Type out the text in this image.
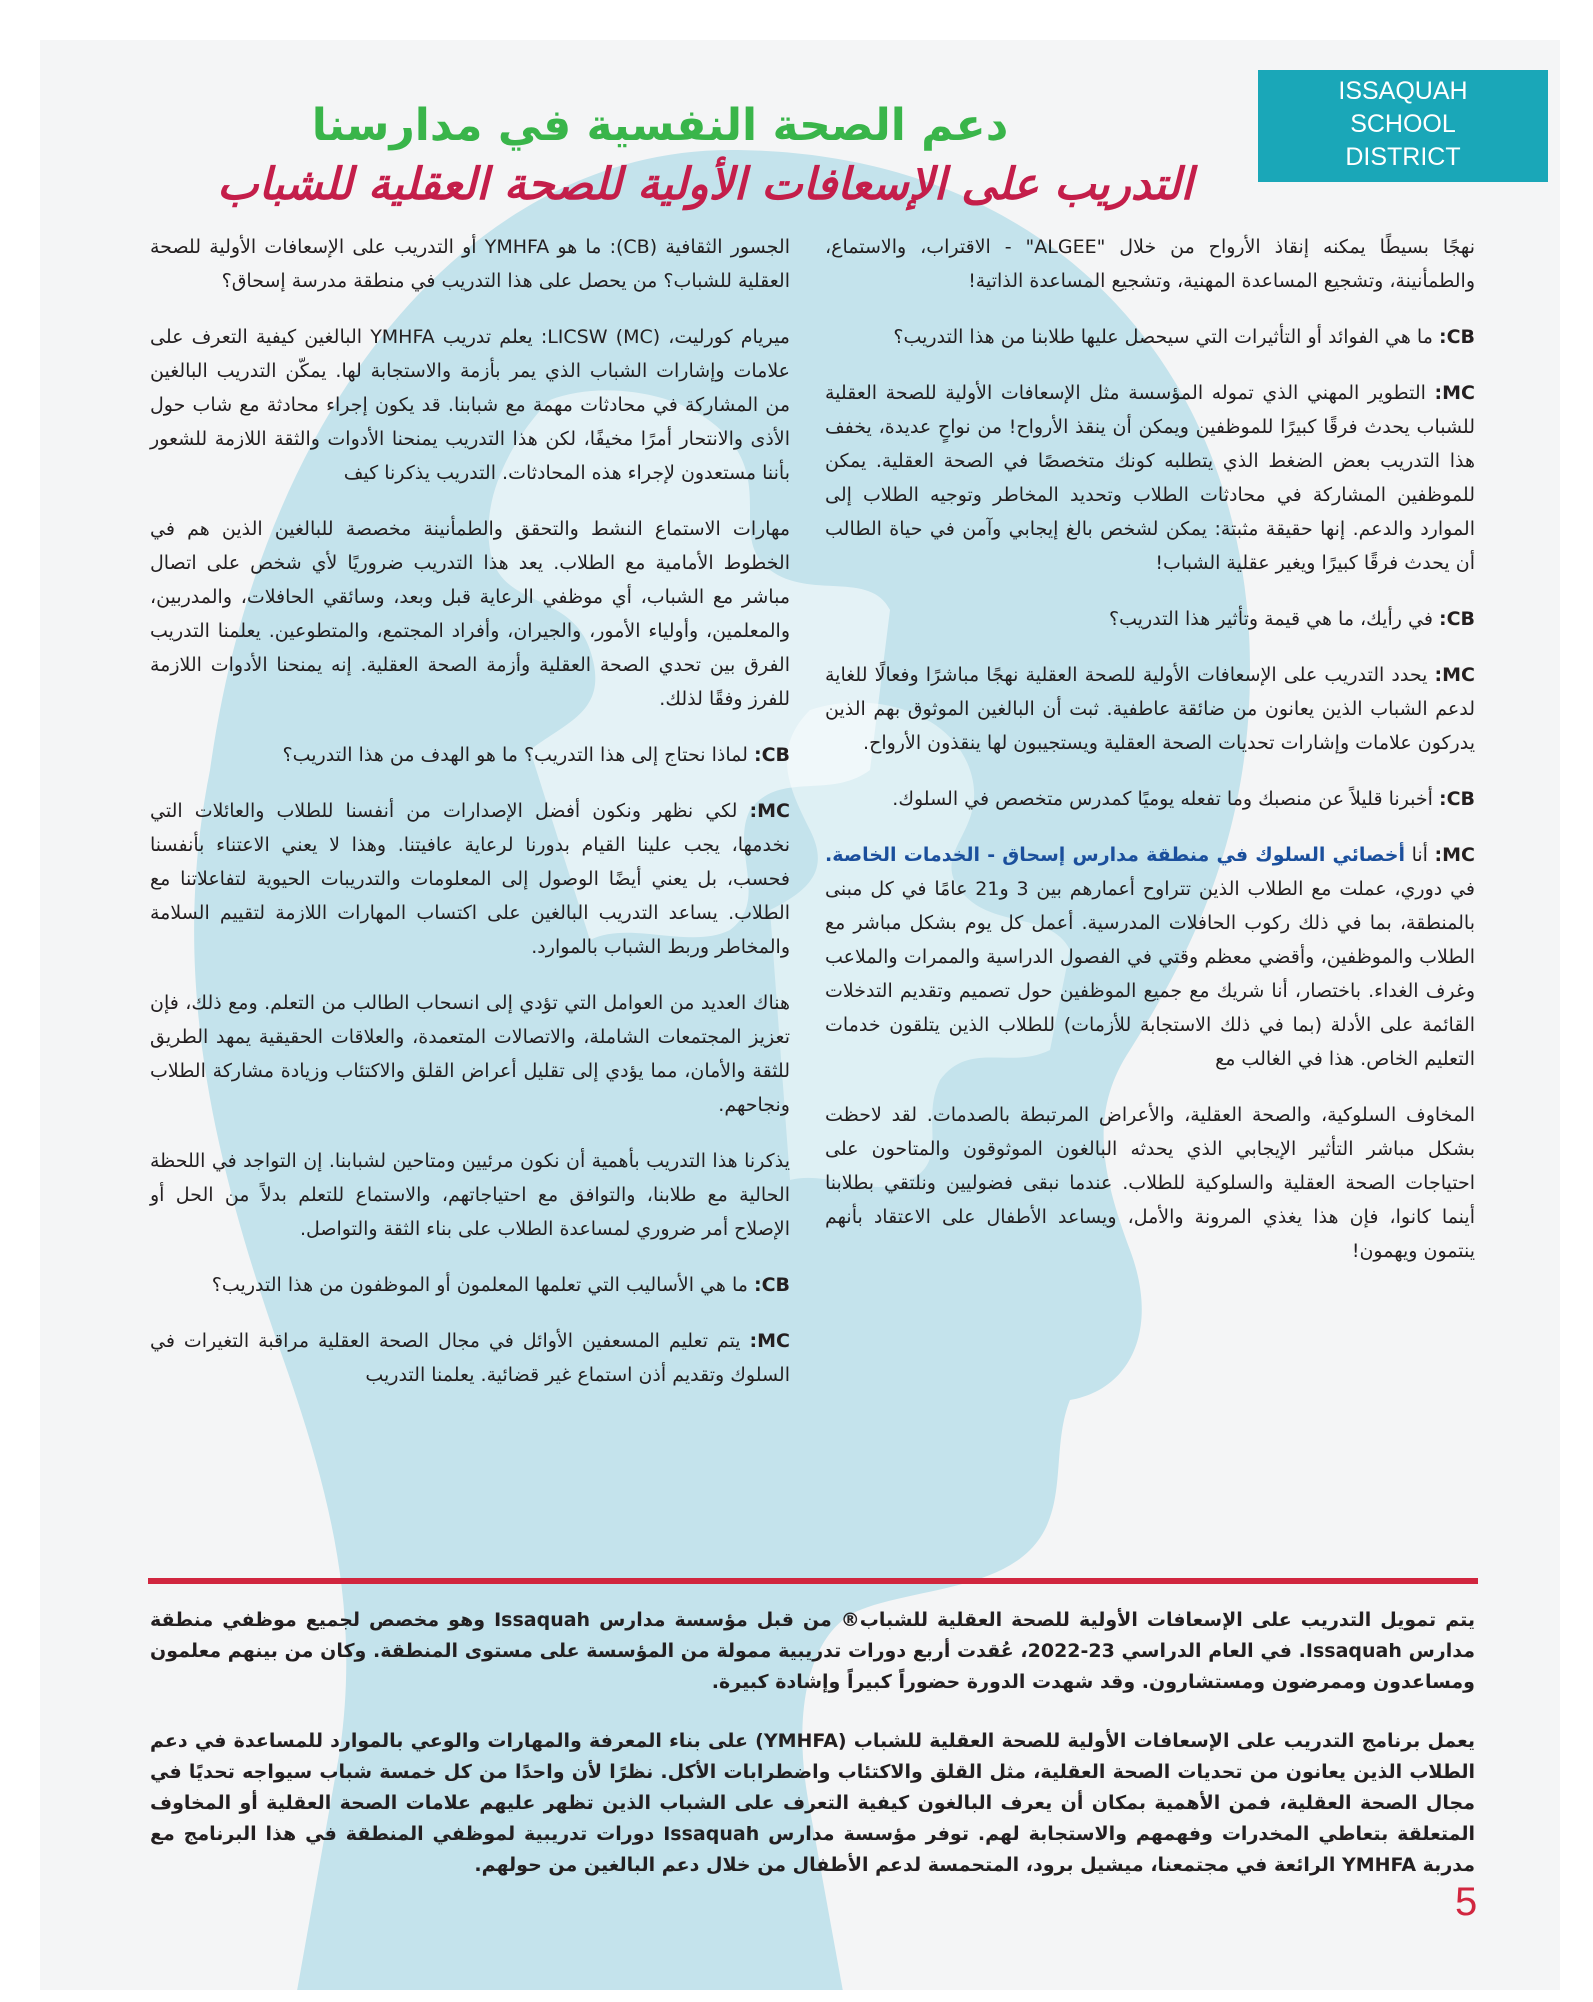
ISSAQUAH
SCHOOL
DISTRICT
دعم الصحة النفسية في مدارسنا
التدريب على الإسعافات الأولية للصحة العقلية للشباب

نهجًا بسيطًا يمكنه إنقاذ الأرواح من خلال "ALGEE" - الاقتراب، والاستماع، والطمأنينة، وتشجيع المساعدة المهنية، وتشجيع المساعدة الذاتية!

CB: ما هي الفوائد أو التأثيرات التي سيحصل عليها طلابنا من هذا التدريب؟

MC: التطوير المهني الذي تموله المؤسسة مثل الإسعافات الأولية للصحة العقلية للشباب يحدث فرقًا كبيرًا للموظفين ويمكن أن ينقذ الأرواح! من نواحٍ عديدة، يخفف هذا التدريب بعض الضغط الذي يتطلبه كونك متخصصًا في الصحة العقلية. يمكن للموظفين المشاركة في محادثات الطلاب وتحديد المخاطر وتوجيه الطلاب إلى الموارد والدعم. إنها حقيقة مثبتة: يمكن لشخص بالغ إيجابي وآمن في حياة الطالب أن يحدث فرقًا كبيرًا ويغير عقلية الشباب!

CB: في رأيك، ما هي قيمة وتأثير هذا التدريب؟

MC: يحدد التدريب على الإسعافات الأولية للصحة العقلية نهجًا مباشرًا وفعالًا للغاية لدعم الشباب الذين يعانون من ضائقة عاطفية. ثبت أن البالغين الموثوق بهم الذين يدركون علامات وإشارات تحديات الصحة العقلية ويستجيبون لها ينقذون الأرواح.

CB: أخبرنا قليلاً عن منصبك وما تفعله يوميًا كمدرس متخصص في السلوك.

MC: أنا أخصائي السلوك في منطقة مدارس إسحاق - الخدمات الخاصة. في دوري، عملت مع الطلاب الذين تتراوح أعمارهم بين 3 و21 عامًا في كل مبنى بالمنطقة، بما في ذلك ركوب الحافلات المدرسية. أعمل كل يوم بشكل مباشر مع الطلاب والموظفين، وأقضي معظم وقتي في الفصول الدراسية والممرات والملاعب وغرف الغداء. باختصار، أنا شريك مع جميع الموظفين حول تصميم وتقديم التدخلات القائمة على الأدلة (بما في ذلك الاستجابة للأزمات) للطلاب الذين يتلقون خدمات التعليم الخاص. هذا في الغالب مع

المخاوف السلوكية، والصحة العقلية، والأعراض المرتبطة بالصدمات. لقد لاحظت بشكل مباشر التأثير الإيجابي الذي يحدثه البالغون الموثوقون والمتاحون على احتياجات الصحة العقلية والسلوكية للطلاب. عندما نبقى فضوليين ونلتقي بطلابنا أينما كانوا، فإن هذا يغذي المرونة والأمل، ويساعد الأطفال على الاعتقاد بأنهم ينتمون ويهمون!

الجسور الثقافية (CB): ما هو YMHFA أو التدريب على الإسعافات الأولية للصحة العقلية للشباب؟ من يحصل على هذا التدريب في منطقة مدرسة إسحاق؟

ميريام كورليت، LICSW (MC): يعلم تدريب YMHFA البالغين كيفية التعرف على علامات وإشارات الشباب الذي يمر بأزمة والاستجابة لها. يمكّن التدريب البالغين من المشاركة في محادثات مهمة مع شبابنا. قد يكون إجراء محادثة مع شاب حول الأذى والانتحار أمرًا مخيفًا، لكن هذا التدريب يمنحنا الأدوات والثقة اللازمة للشعور بأننا مستعدون لإجراء هذه المحادثات. التدريب يذكرنا كيف

مهارات الاستماع النشط والتحقق والطمأنينة مخصصة للبالغين الذين هم في الخطوط الأمامية مع الطلاب. يعد هذا التدريب ضروريًا لأي شخص على اتصال مباشر مع الشباب، أي موظفي الرعاية قبل وبعد، وسائقي الحافلات، والمدربين، والمعلمين، وأولياء الأمور، والجيران، وأفراد المجتمع، والمتطوعين. يعلمنا التدريب الفرق بين تحدي الصحة العقلية وأزمة الصحة العقلية. إنه يمنحنا الأدوات اللازمة للفرز وفقًا لذلك.

CB: لماذا نحتاج إلى هذا التدريب؟ ما هو الهدف من هذا التدريب؟

MC: لكي نظهر ونكون أفضل الإصدارات من أنفسنا للطلاب والعائلات التي نخدمها، يجب علينا القيام بدورنا لرعاية عافيتنا. وهذا لا يعني الاعتناء بأنفسنا فحسب، بل يعني أيضًا الوصول إلى المعلومات والتدريبات الحيوية لتفاعلاتنا مع الطلاب. يساعد التدريب البالغين على اكتساب المهارات اللازمة لتقييم السلامة والمخاطر وربط الشباب بالموارد.

هناك العديد من العوامل التي تؤدي إلى انسحاب الطالب من التعلم. ومع ذلك، فإن تعزيز المجتمعات الشاملة، والاتصالات المتعمدة، والعلاقات الحقيقية يمهد الطريق للثقة والأمان، مما يؤدي إلى تقليل أعراض القلق والاكتئاب وزيادة مشاركة الطلاب ونجاحهم.

يذكرنا هذا التدريب بأهمية أن نكون مرئيين ومتاحين لشبابنا. إن التواجد في اللحظة الحالية مع طلابنا، والتوافق مع احتياجاتهم، والاستماع للتعلم بدلاً من الحل أو الإصلاح أمر ضروري لمساعدة الطلاب على بناء الثقة والتواصل.

CB: ما هي الأساليب التي تعلمها المعلمون أو الموظفون من هذا التدريب؟

MC: يتم تعليم المسعفين الأوائل في مجال الصحة العقلية مراقبة التغيرات في السلوك وتقديم أذن استماع غير قضائية. يعلمنا التدريب

يتم تمويل التدريب على الإسعافات الأولية للصحة العقلية للشباب® من قبل مؤسسة مدارس Issaquah وهو مخصص لجميع موظفي منطقة مدارس Issaquah. في العام الدراسي 23-2022، عُقدت أربع دورات تدريبية ممولة من المؤسسة على مستوى المنطقة. وكان من بينهم معلمون ومساعدون وممرضون ومستشارون. وقد شهدت الدورة حضوراً كبيراً وإشادة كبيرة.

يعمل برنامج التدريب على الإسعافات الأولية للصحة العقلية للشباب (YMHFA) على بناء المعرفة والمهارات والوعي بالموارد للمساعدة في دعم الطلاب الذين يعانون من تحديات الصحة العقلية، مثل القلق والاكتئاب واضطرابات الأكل. نظرًا لأن واحدًا من كل خمسة شباب سيواجه تحديًا في مجال الصحة العقلية، فمن الأهمية بمكان أن يعرف البالغون كيفية التعرف على الشباب الذين تظهر عليهم علامات الصحة العقلية أو المخاوف المتعلقة بتعاطي المخدرات وفهمهم والاستجابة لهم. توفر مؤسسة مدارس Issaquah دورات تدريبية لموظفي المنطقة في هذا البرنامج مع مدربة YMHFA الرائعة في مجتمعنا، ميشيل برود، المتحمسة لدعم الأطفال من خلال دعم البالغين من حولهم.

5
